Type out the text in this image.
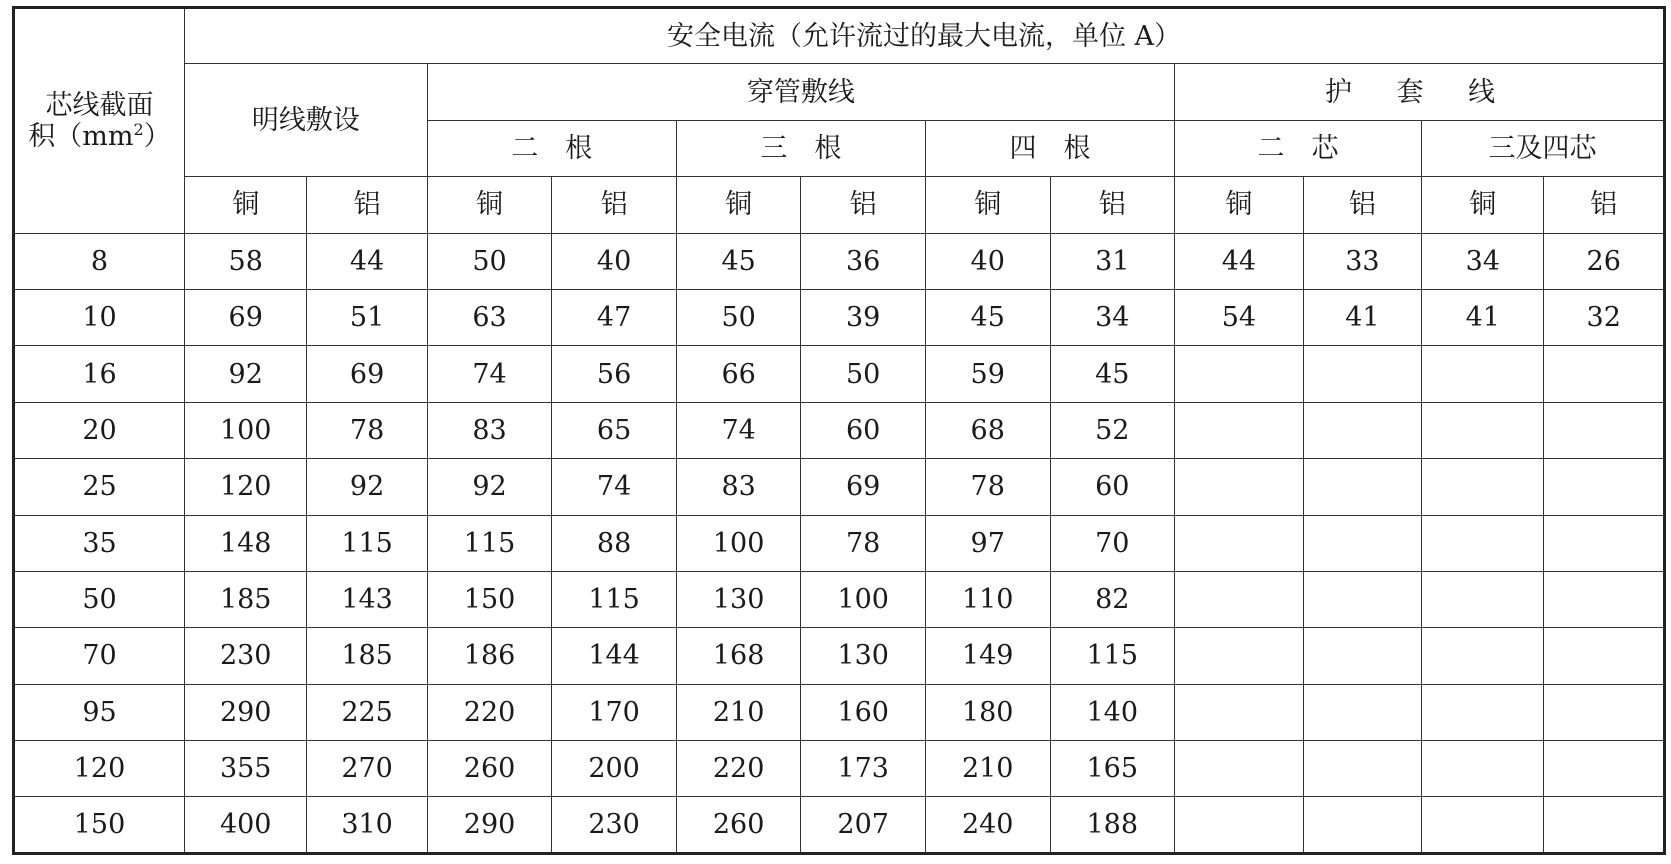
芯线截面
积$(mm^2)$	安全电流（允许流过的最大电流，单位 A）											
	明线敷设		穿管敷线						护 套 线			
			二　根		三　根		四　根		二　芯		三及四芯	
	铜	铝	铜	铝	铜	铝	铜	铝	铜	铝	铜	铝
8	58	44	50	40	45	36	40	31	44	33	34	26
10	69	51	63	47	50	39	45	34	54	41	41	32
16	92	69	74	56	66	50	59	45				
20	100	78	83	65	74	60	68	52				
25	120	92	92	74	83	69	78	60				
35	148	115	115	88	100	78	97	70				
50	185	143	150	115	130	100	110	82				
70	230	185	186	144	168	130	149	115				
95	290	225	220	170	210	160	180	140				
120	355	270	260	200	220	173	210	165				
150	400	310	290	230	260	207	240	188				
